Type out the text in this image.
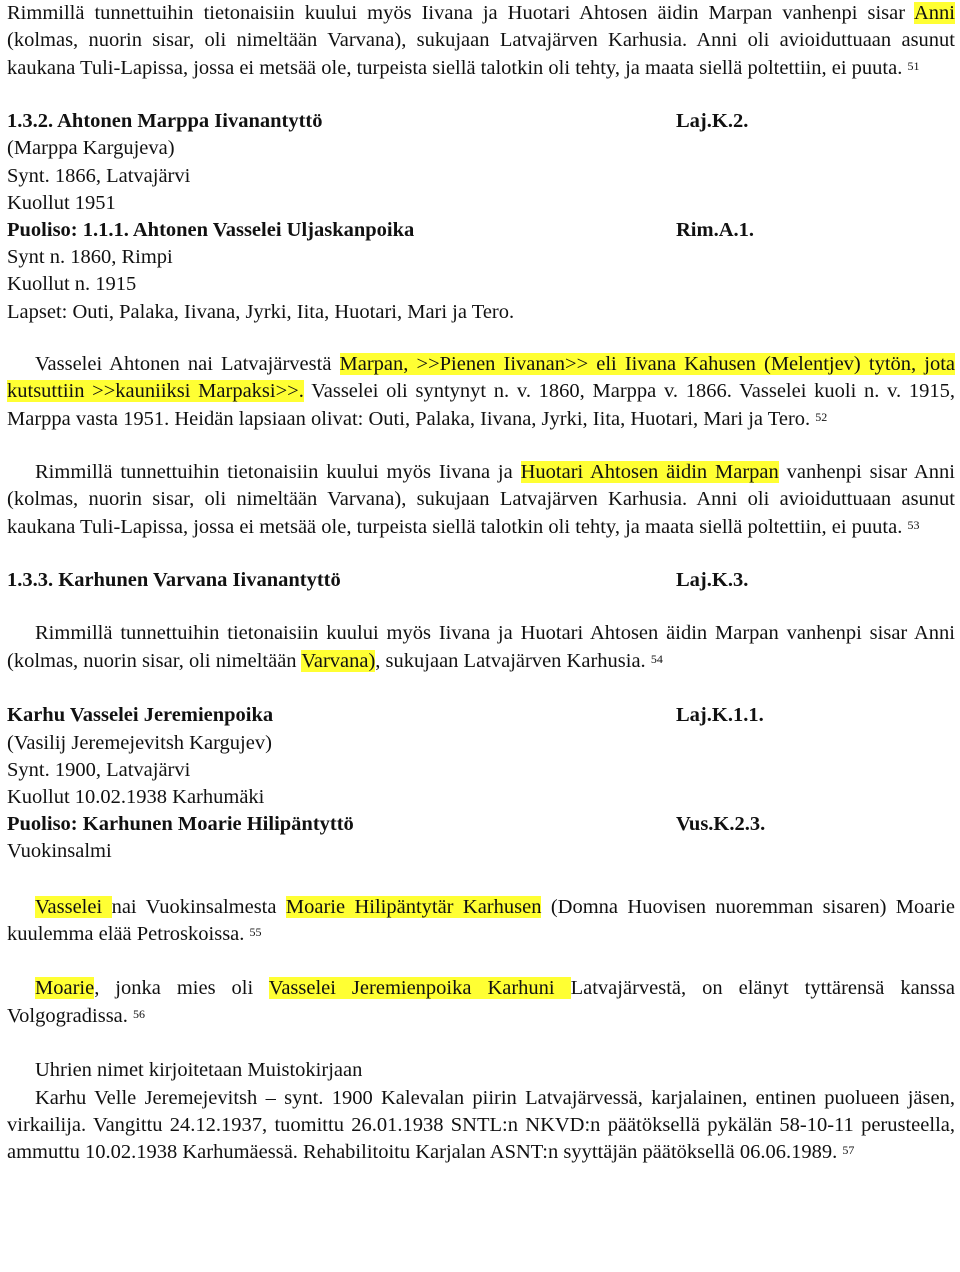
Rimmillä tunnettuihin tietonaisiin kuului myös Iivana ja Huotari Ahtosen äidin Marpan vanhenpi sisar Anni (kolmas, nuorin sisar, oli nimeltään Varvana), sukujaan Latvajärven Karhusia. Anni oli avioiduttuaan asunut kaukana Tuli-Lapissa, jossa ei metsää ole, turpeista siellä talotkin oli tehty, ja maata siellä poltettiin, ei puuta. $^{51}$

1.3.2. Ahtonen Marppa Iivanantyttö	Laj.K.2.

(Marppa Kargujeva)

Synt. 1866, Latvajärvi

Kuollut 1951

Puoliso: 1.1.1. Ahtonen Vasselei Uljaskanpoika	Rim.A.1.

Synt n. 1860, Rimpi

Kuollut n. 1915

Lapset: Outi, Palaka, Iivana, Jyrki, Iita, Huotari, Mari ja Tero.

Vasselei Ahtonen nai Latvajärvestä Marpan, >>Pienen Iivanan>> eli Iivana Kahusen (Melentjev) tytön, jota kutsuttiin >>kauniiksi Marpaksi>>. Vasselei oli syntynyt n. v. 1860, Marppa v. 1866. Vasselei kuoli n. v. 1915, Marppa vasta 1951. Heidän lapsiaan olivat: Outi, Palaka, Iivana, Jyrki, Iita, Huotari, Mari ja Tero. $^{52}$

Rimmillä tunnettuihin tietonaisiin kuului myös Iivana ja Huotari Ahtosen äidin Marpan vanhenpi sisar Anni (kolmas, nuorin sisar, oli nimeltään Varvana), sukujaan Latvajärven Karhusia. Anni oli avioiduttuaan asunut kaukana Tuli-Lapissa, jossa ei metsää ole, turpeista siellä talotkin oli tehty, ja maata siellä poltettiin, ei puuta. $^{53}$

1.3.3. Karhunen Varvana Iivanantyttö	Laj.K.3.

Rimmillä tunnettuihin tietonaisiin kuului myös Iivana ja Huotari Ahtosen äidin Marpan vanhenpi sisar Anni (kolmas, nuorin sisar, oli nimeltään Varvana), sukujaan Latvajärven Karhusia. $^{54}$

Karhu Vasselei Jeremienpoika	Laj.K.1.1.

(Vasilij Jeremejevitsh Kargujev)

Synt. 1900, Latvajärvi

Kuollut 10.02.1938 Karhumäki

Puoliso: Karhunen Moarie Hilipäntyttö	Vus.K.2.3.

Vuokinsalmi

Vasselei nai Vuokinsalmesta Moarie Hilipäntytär Karhusen (Domna Huovisen nuoremman sisaren) Moarie kuulemma elää Petroskoissa. $^{55}$

Moarie, jonka mies oli Vasselei Jeremienpoika Karhuni Latvajärvestä, on elänyt tyttärensä kanssa Volgogradissa. $^{56}$

Uhrien nimet kirjoitetaan Muistokirjaan

Karhu Velle Jeremejevitsh – synt. 1900 Kalevalan piirin Latvajärvessä, karjalainen, entinen puolueen jäsen, virkailija. Vangittu 24.12.1937, tuomittu 26.01.1938 SNTL:n NKVD:n päätöksellä pykälän 58-10-11 perusteella, ammuttu 10.02.1938 Karhumäessä. Rehabilitoitu Karjalan ASNT:n syyttäjän päätöksellä 06.06.1989. $^{57}$
